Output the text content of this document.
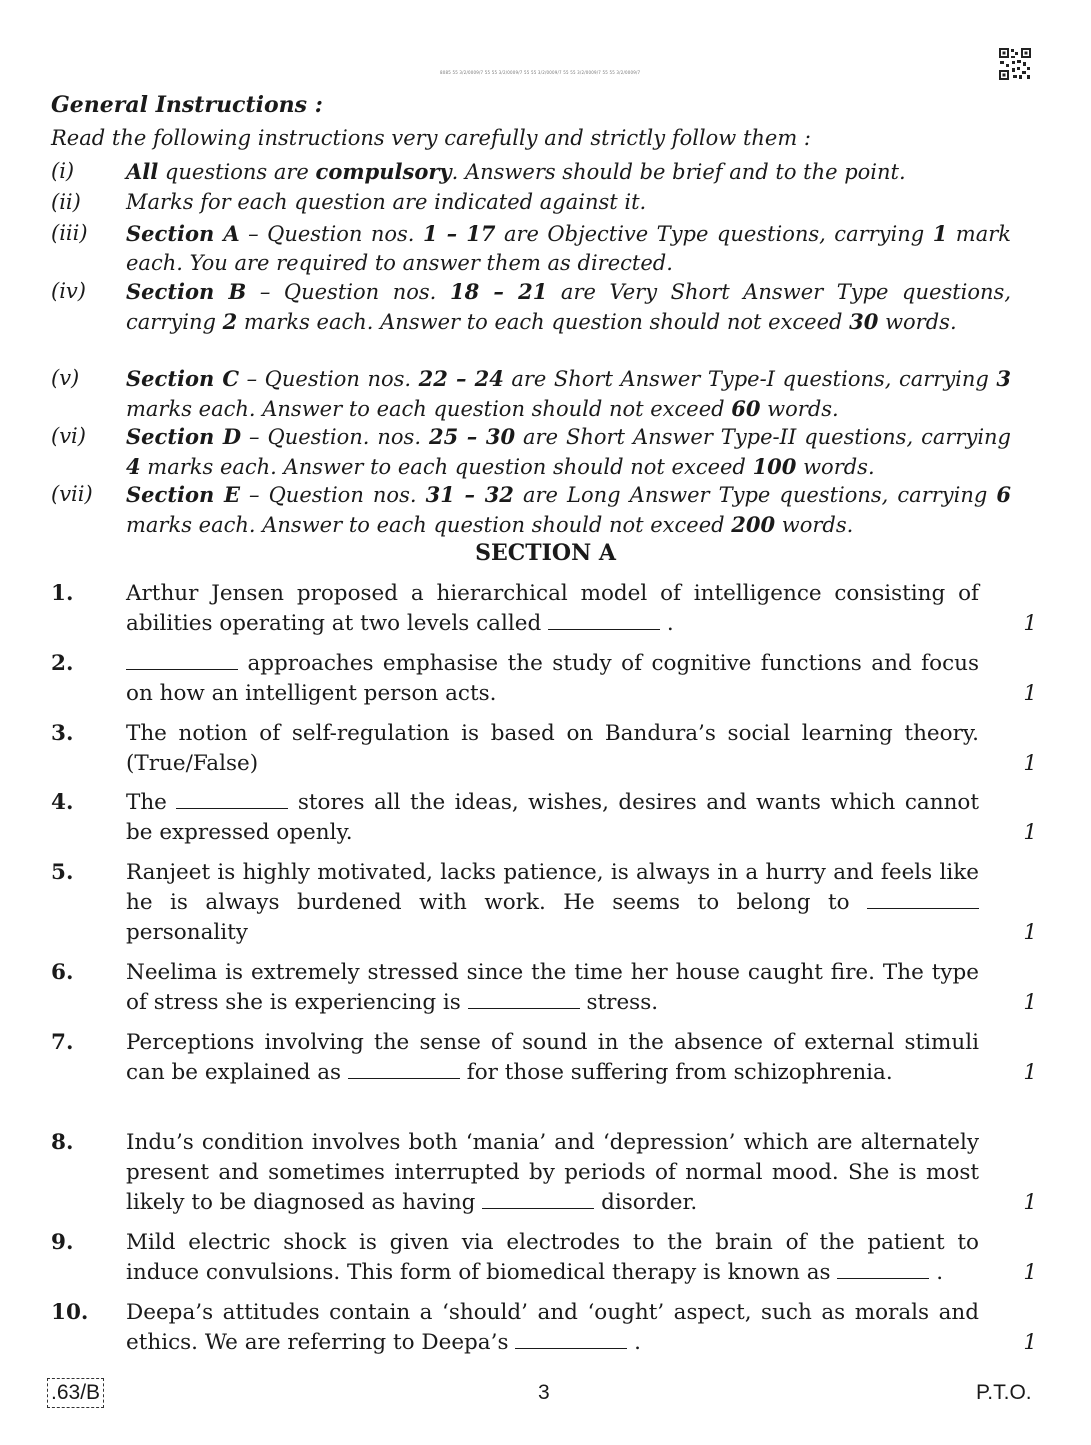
8085 55 3/2/0009/7 55 55 3/2/0009/7 55 55 3/2/0009/7 55 55 3/2/0009/7 55 55 3/2/0009/7
General Instructions :

Read the following instructions very carefully and strictly follow them :

(i) All questions are compulsory. Answers should be brief and to the point.
(ii) Marks for each question are indicated against it.
(iii) Section A – Question nos. 1 – 17 are Objective Type questions, carrying 1 mark each. You are required to answer them as directed.
(iv) Section B – Question nos. 18 – 21 are Very Short Answer Type questions, carrying 2 marks each. Answer to each question should not exceed 30 words.
(v) Section C – Question nos. 22 – 24 are Short Answer Type-I questions, carrying 3 marks each. Answer to each question should not exceed 60 words.
(vi) Section D – Question. nos. 25 – 30 are Short Answer Type-II questions, carrying 4 marks each. Answer to each question should not exceed 100 words.
(vii) Section E – Question nos. 31 – 32 are Long Answer Type questions, carrying 6 marks each. Answer to each question should not exceed 200 words.
SECTION A
1. Arthur Jensen proposed a hierarchical model of intelligence consisting of abilities operating at two levels called	.	1
2.	approaches emphasise the study of cognitive functions and focus on how an intelligent person acts.	1
3. The notion of self-regulation is based on Bandura’s social learning theory. (True/False)	1
4. The	stores all the ideas, wishes, desires and wants which cannot be expressed openly.	1
5. Ranjeet is highly motivated, lacks patience, is always in a hurry and feels like he is always burdened with work. He seems to belong to  personality	1
6. Neelima is extremely stressed since the time her house caught fire. The type of stress she is experiencing is	stress.	1
7. Perceptions involving the sense of sound in the absence of external stimuli can be explained as	for those suffering from schizophrenia.	1
8. Indu’s condition involves both ‘mania’ and ‘depression’ which are alternately present and sometimes interrupted by periods of normal mood. She is most likely to be diagnosed as having	disorder.	1
9. Mild electric shock is given via electrodes to the brain of the patient to induce convulsions. This form of biomedical therapy is known as	.	1
10. Deepa’s attitudes contain a ‘should’ and ‘ought’ aspect, such as morals and ethics. We are referring to Deepa’s	.	1
.63/B	3	P.T.O.
